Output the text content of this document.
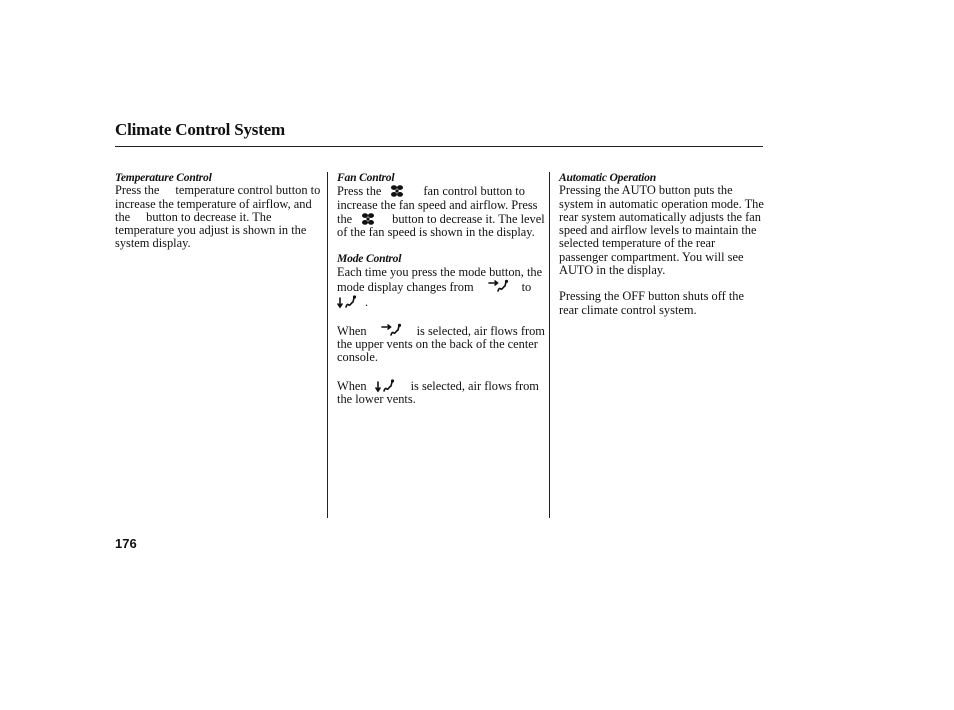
Climate Control System
Temperature Control

Press the temperature control button to increase the temperature of airflow, and the button to decrease it. The temperature you adjust is shown in the system display.

Fan Control

Press the	fan control button to increase the fan speed and airflow. Press the	button to decrease it. The level of the fan speed is shown in the display.

Mode Control

Each time you press the mode button, the mode display changes from	to.

When	is selected, air flows from the upper vents on the back of the center console.

When	is selected, air flows from the lower vents.

Automatic Operation

Pressing the AUTO button puts the system in automatic operation mode. The rear system automatically adjusts the fan speed and airflow levels to maintain the selected temperature of the rear passenger compartment. You will see AUTO in the display.

Pressing the OFF button shuts off the rear climate control system.

176
